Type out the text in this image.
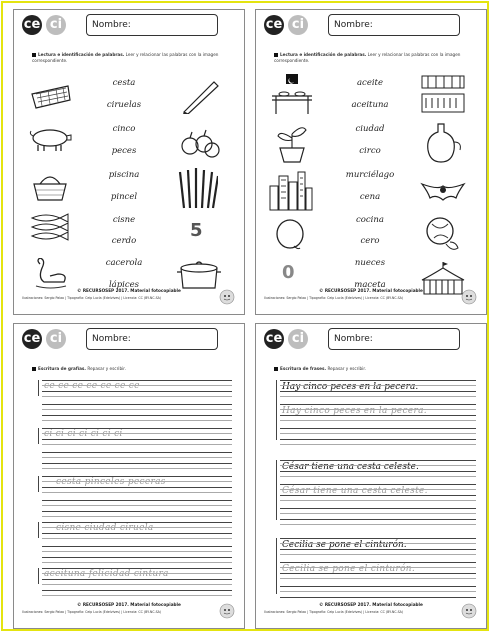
ce ci	Nombre:
Lectura e identificación de palabras. Leer y relacionar las palabras con la imagen correspondiente.
cesta
ciruelas
cinco
peces
piscina
pincel
cisne
cerdo
cacerola
lápices
5
© RECURSOSEP 2017. Material fotocopiable
Ilustraciones: Sergio Palao | Tipografía: Ceip Lucía (Edelvives) | Licencia: CC (BY-NC-SA)
ce ci	Nombre:
Lectura e identificación de palabras. Leer y relacionar las palabras con la imagen correspondiente.
aceite
aceituna
ciudad
circo
murciélago
cena
cocina
cero
nueces
maceta
0
© RECURSOSEP 2017. Material fotocopiable
Ilustraciones: Sergio Palao | Tipografía: Ceip Lucía (Edelvives) | Licencia: CC (BY-NC-SA)
ce ci	Nombre:
Escritura de grafías. Repasar y escribir.
ce ce ce ce ce ce ce
ci ci ci ci ci ci ci
cesta pinceles peceras
cisne ciudad ciruela
aceituna felicidad cintura
© RECURSOSEP 2017. Material fotocopiable
Ilustraciones: Sergio Palao | Tipografía: Ceip Lucía (Edelvives) | Licencia: CC (BY-NC-SA)
ce ci	Nombre:
Escritura de frases. Repasar y escribir.
Hay cinco peces en la pecera.
Hay cinco peces en la pecera.
César tiene una cesta celeste.
César tiene una cesta celeste.
Cecilia se pone el cinturón.
Cecilia se pone el cinturón.
© RECURSOSEP 2017. Material fotocopiable
Ilustraciones: Sergio Palao | Tipografía: Ceip Lucía (Edelvives) | Licencia: CC (BY-NC-SA)
